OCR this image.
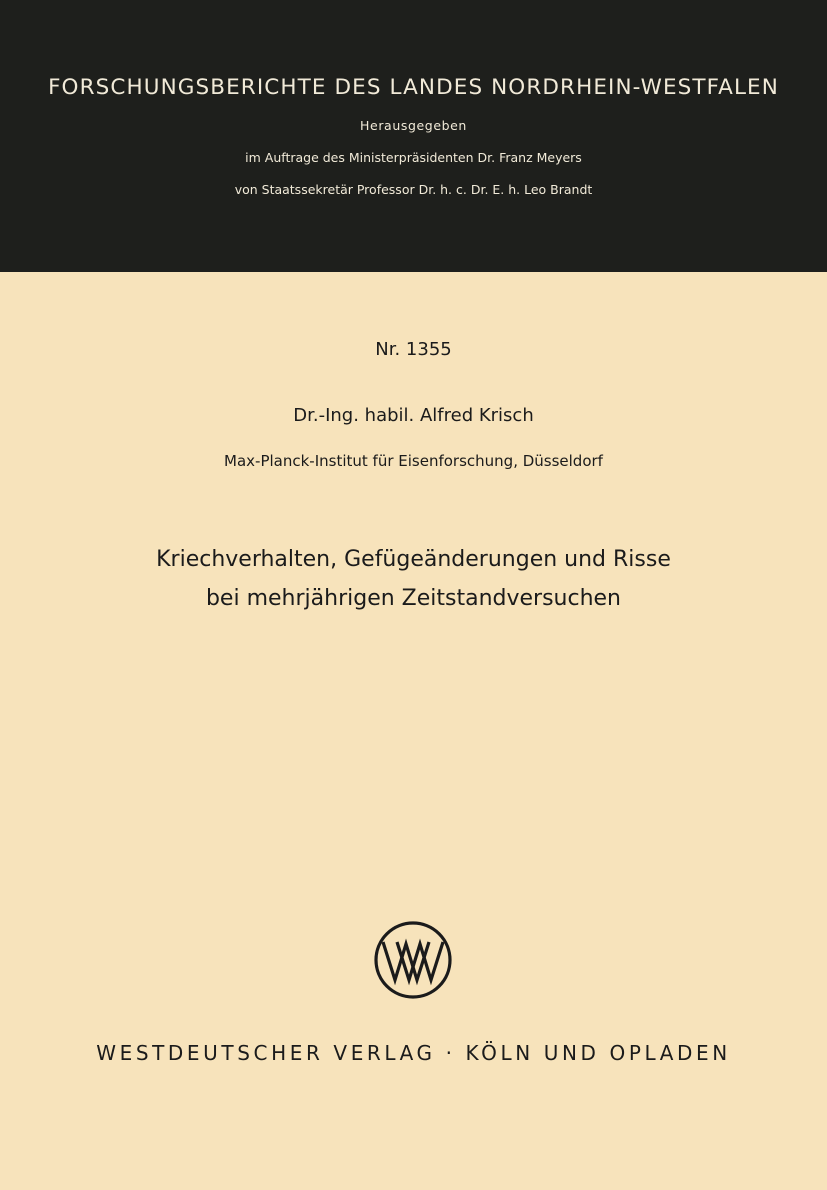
FORSCHUNGSBERICHTE DES LANDES NORDRHEIN-WESTFALEN
Herausgegeben
im Auftrage des Ministerpräsidenten Dr. Franz Meyers
von Staatssekretär Professor Dr. h. c. Dr. E. h. Leo Brandt
Nr. 1355
Dr.-Ing. habil. Alfred Krisch
Max-Planck-Institut für Eisenforschung, Düsseldorf
Kriechverhalten, Gefügeänderungen und Risse
bei mehrjährigen Zeitstandversuchen
WESTDEUTSCHER VERLAG · KÖLN UND OPLADEN
